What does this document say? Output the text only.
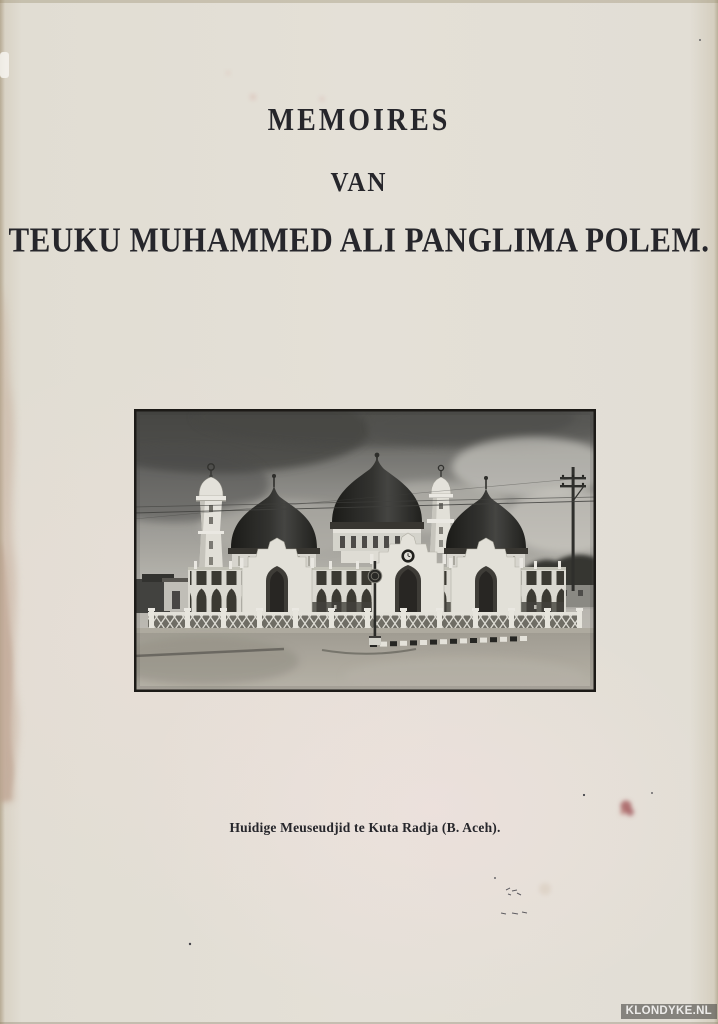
MEMOIRES
VAN
TEUKU MUHAMMED ALI PANGLIMA POLEM.
Huidige Meuseudjid te Kuta Radja (B. Aceh).
KLONDYKE.NL
